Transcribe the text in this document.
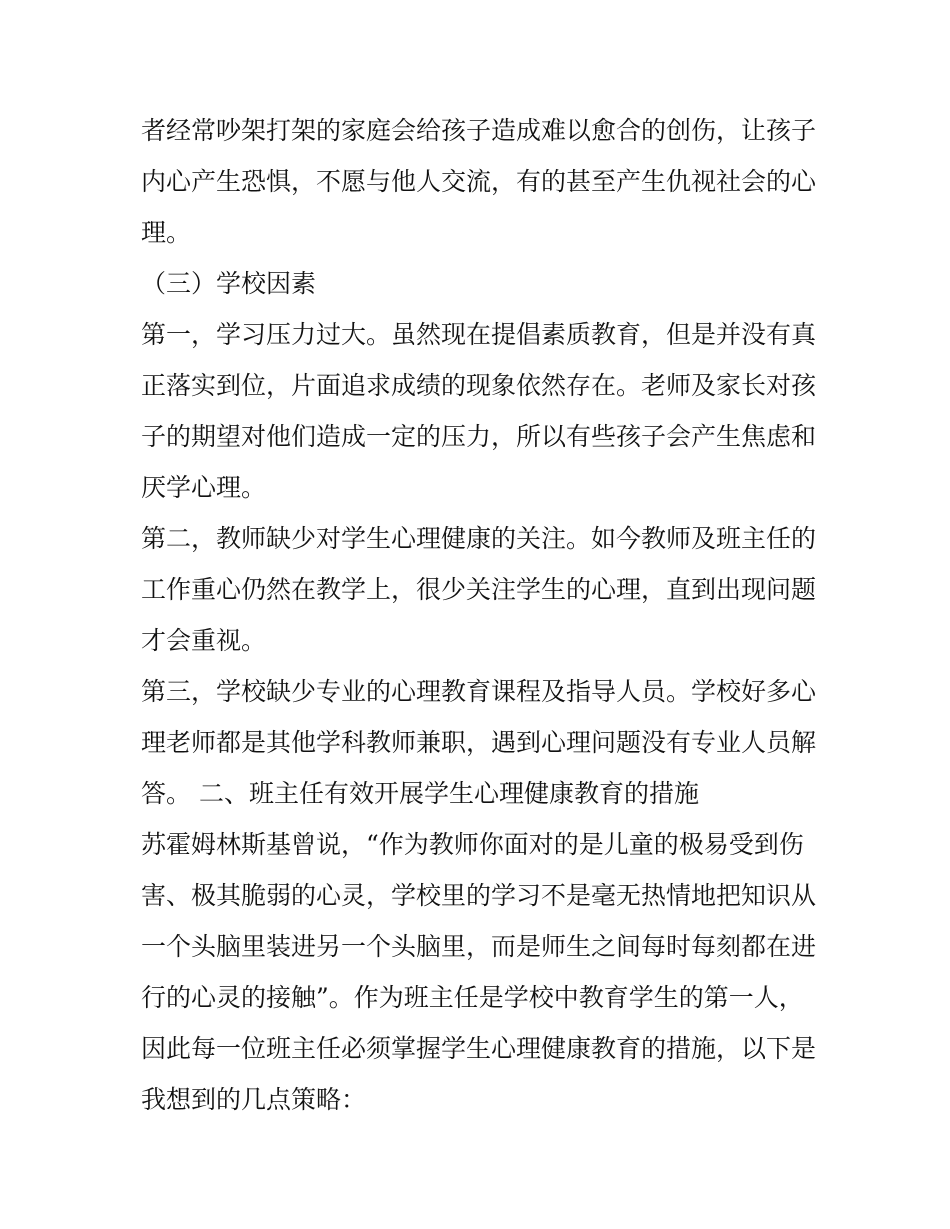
者经常吵架打架的家庭会给孩子造成难以愈合的创伤，让孩子
内心产生恐惧，不愿与他人交流，有的甚至产生仇视社会的心
理。
（三）学校因素
第一，学习压力过大。虽然现在提倡素质教育，但是并没有真
正落实到位，片面追求成绩的现象依然存在。老师及家长对孩
子的期望对他们造成一定的压力，所以有些孩子会产生焦虑和
厌学心理。
第二，教师缺少对学生心理健康的关注。如今教师及班主任的
工作重心仍然在教学上，很少关注学生的心理，直到出现问题
才会重视。
第三，学校缺少专业的心理教育课程及指导人员。学校好多心
理老师都是其他学科教师兼职，遇到心理问题没有专业人员解
答。 二、班主任有效开展学生心理健康教育的措施
苏霍姆林斯基曾说，“作为教师你面对的是儿童的极易受到伤
害、极其脆弱的心灵，学校里的学习不是毫无热情地把知识从
一个头脑里装进另一个头脑里，而是师生之间每时每刻都在进
行的心灵的接触”。作为班主任是学校中教育学生的第一人，
因此每一位班主任必须掌握学生心理健康教育的措施，以下是
我想到的几点策略：
